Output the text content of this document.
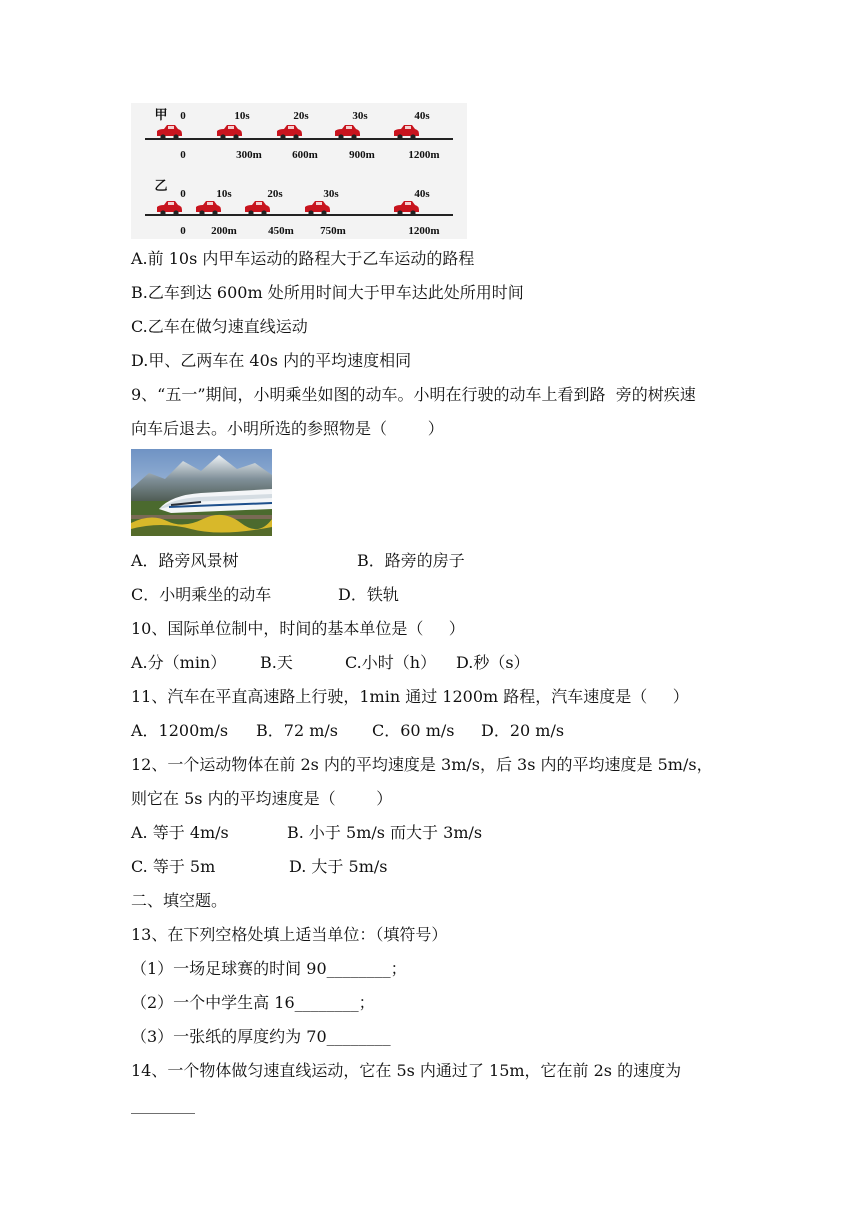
甲 0	10s	20s	30s	40s
0	300m	600m	900m	1200m
乙
0	10s	20s	30s	40s
0 200m	450m 750m	1200m
A.前 10s 内甲车运动的路程大于乙车运动的路程
B.乙车到达 600m 处所用时间大于甲车达此处所用时间
C.乙车在做匀速直线运动
D.甲、乙两车在 40s 内的平均速度相同
9、“五一”期间，小明乘坐如图的动车。小明在行驶的动车上看到路  旁的树疾速
向车后退去。小明所选的参照物是（        ）
A．路旁风景树	B．路旁的房子
C．小明乘坐的动车	D．铁轨
10、国际单位制中，时间的基本单位是（     ）
A.分（min） B.天	C.小时（h） D.秒（s）
11、汽车在平直高速路上行驶，1min 通过 1200m 路程，汽车速度是（     ）
A．1200m/s B．72 m/s C．60 m/s D．20 m/s
12、一个运动物体在前 2s 内的平均速度是 3m/s，后 3s 内的平均速度是 5m/s，
则它在 5s 内的平均速度是（        ）
A. 等于 4m/s	B. 小于 5m/s 而大于 3m/s
C. 等于 5m	D. 大于 5m/s
二、填空题。
13、在下列空格处填上适当单位：（填符号）
（1）一场足球赛的时间 90________；
（2）一个中学生高 16________；
（3）一张纸的厚度约为 70________
14、一个物体做匀速直线运动，它在 5s 内通过了 15m，它在前 2s 的速度为
________
